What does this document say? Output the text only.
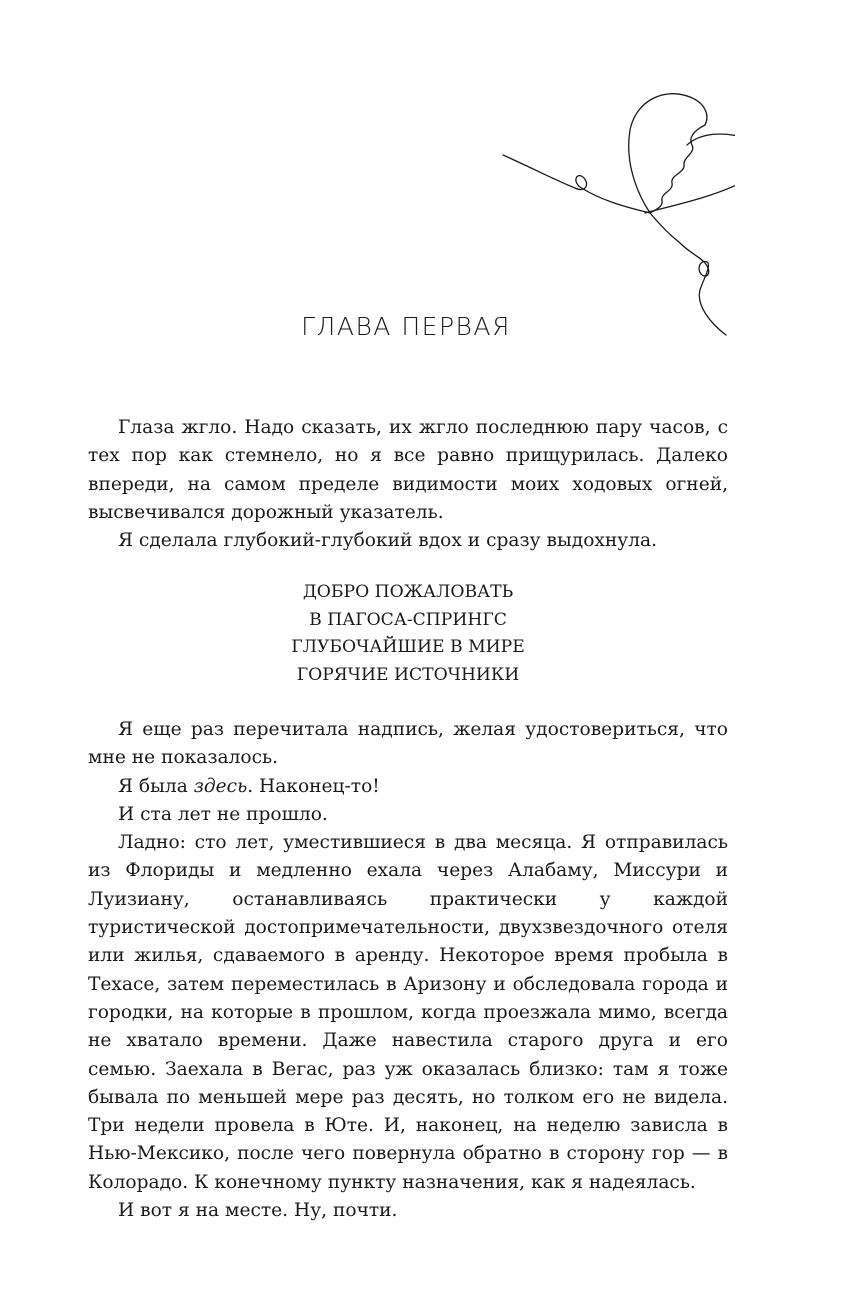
ГЛАВА ПЕРВАЯ

Глаза жгло. Надо сказать, их жгло последнюю пару часов, с тех пор как стемнело, но я все равно прищурилась. Далеко впереди, на самом пределе видимости моих ходовых огней, высвечивался дорожный указатель.

Я сделала глубокий-глубокий вдох и сразу выдохнула.

ДОБРО ПОЖАЛОВАТЬ
В ПАГОСА-СПРИНГС
ГЛУБОЧАЙШИЕ В МИРЕ
ГОРЯЧИЕ ИСТОЧНИКИ

Я еще раз перечитала надпись, желая удостовериться, что мне не показалось.

Я была здесь. Наконец-то!

И ста лет не прошло.

Ладно: сто лет, уместившиеся в два месяца. Я отправилась из Флориды и медленно ехала через Алабаму, Миссури и Луизиану, останавливаясь практически у каждой туристической достопримечательности, двухзвездочного отеля или жилья, сдаваемого в аренду. Некоторое время пробыла в Техасе, затем переместилась в Аризону и обследовала города и городки, на которые в прошлом, когда проезжала мимо, всегда не хватало времени. Даже навестила старого друга и его семью. Заехала в Вегас, раз уж оказалась близко: там я тоже бывала по меньшей мере раз десять, но толком его не видела. Три недели провела в Юте. И, наконец, на неделю зависла в Нью-Мексико, после чего повернула обратно в сторону гор — в Колорадо. К конечному пункту назначения, как я надеялась.

И вот я на месте. Ну, почти.
